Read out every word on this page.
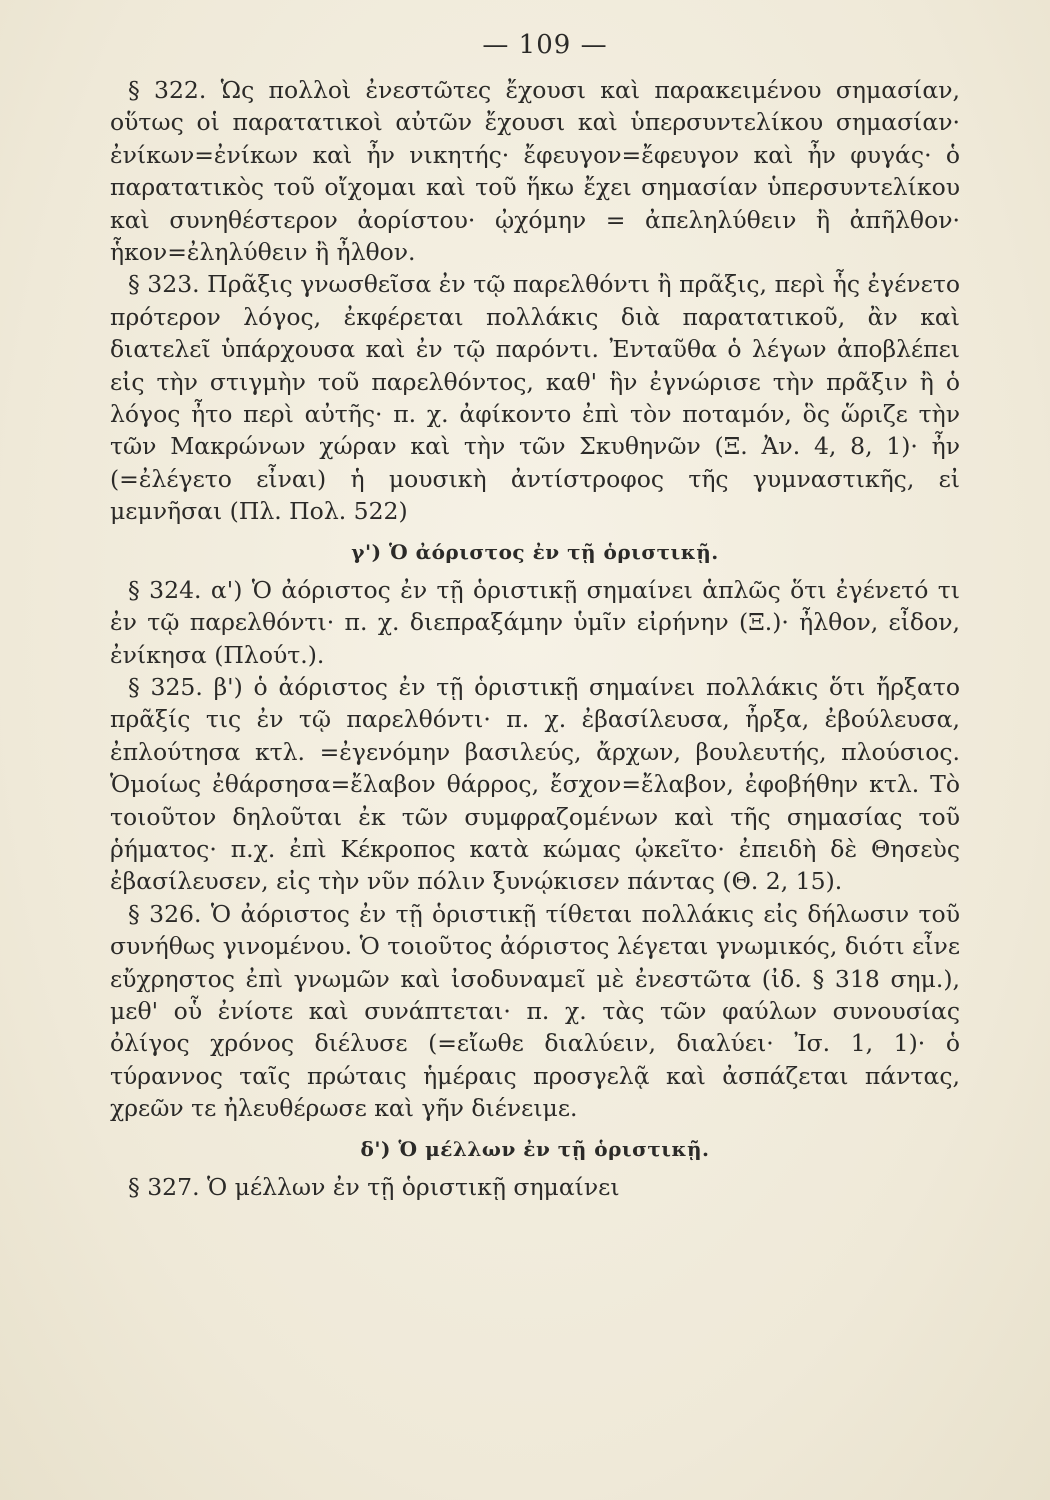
— 109 —

§ 322. Ὡς πολλοὶ ἐνεστῶτες ἔχουσι καὶ παρακειμένου σημασίαν, οὕτως οἱ παρατατικοὶ αὐτῶν ἔχουσι καὶ ὑπερσυντελίκου σημασίαν· ἐνίκων=ἐνίκων καὶ ἦν νικητής· ἔφευγον=ἔφευγον καὶ ἦν φυγάς· ὁ παρατατικὸς τοῦ οἴχομαι καὶ τοῦ ἥκω ἔχει σημασίαν ὑπερσυντελίκου καὶ συνηθέστερον ἀορίστου· ᾠχόμην = ἀπεληλύθειν ἢ ἀπῆλθον· ἧκον=ἐληλύθειν ἢ ἦλθον.

§ 323. Πρᾶξις γνωσθεῖσα ἐν τῷ παρελθόντι ἢ πρᾶξις, περὶ ἧς ἐγένετο πρότερον λόγος, ἐκφέρεται πολλάκις διὰ παρατατικοῦ, ἂν καὶ διατελεῖ ὑπάρχουσα καὶ ἐν τῷ παρόντι. Ἐνταῦθα ὁ λέγων ἀποβλέπει εἰς τὴν στιγμὴν τοῦ παρελθόντος, καθ' ἣν ἐγνώρισε τὴν πρᾶξιν ἢ ὁ λόγος ἦτο περὶ αὐτῆς· π. χ. ἀφίκοντο ἐπὶ τὸν ποταμόν, ὃς ὥριζε τὴν τῶν Μακρώνων χώραν καὶ τὴν τῶν Σκυθηνῶν (Ξ. Ἀν. 4, 8, 1)· ἦν (=ἐλέγετο εἶναι) ἡ μουσικὴ ἀντίστροφος τῆς γυμναστικῆς, εἰ μεμνῆσαι (Πλ. Πολ. 522)

γ') Ὁ ἀόριστος ἐν τῇ ὁριστικῇ.

§ 324. α') Ὁ ἀόριστος ἐν τῇ ὁριστικῇ σημαίνει ἁπλῶς ὅτι ἐγένετό τι ἐν τῷ παρελθόντι· π. χ. διεπραξάμην ὑμῖν εἰρήνην (Ξ.)· ἦλθον, εἶδον, ἐνίκησα (Πλούτ.).

§ 325. β') ὁ ἀόριστος ἐν τῇ ὁριστικῇ σημαίνει πολλάκις ὅτι ἤρξατο πρᾶξίς τις ἐν τῷ παρελθόντι· π. χ. ἐβασίλευσα, ἦρξα, ἐβούλευσα, ἐπλούτησα κτλ. =ἐγενόμην βασιλεύς, ἄρχων, βουλευτής, πλούσιος. Ὁμοίως ἐθάρσησα=ἔλαβον θάρρος, ἔσχον=ἔλαβον, ἐφοβήθην κτλ. Τὸ τοιοῦτον δηλοῦται ἐκ τῶν συμφραζομένων καὶ τῆς σημασίας τοῦ ῥήματος· π.χ. ἐπὶ Κέκροπος κατὰ κώμας ᾠκεῖτο· ἐπειδὴ δὲ Θησεὺς ἐβασίλευσεν, εἰς τὴν νῦν πόλιν ξυνῴκισεν πάντας (Θ. 2, 15).

§ 326. Ὁ ἀόριστος ἐν τῇ ὁριστικῇ τίθεται πολλάκις εἰς δήλωσιν τοῦ συνήθως γινομένου. Ὁ τοιοῦτος ἀόριστος λέγεται γνωμικός, διότι εἶνε εὔχρηστος ἐπὶ γνωμῶν καὶ ἰσοδυναμεῖ μὲ ἐνεστῶτα (ἰδ. § 318 σημ.), μεθ' οὗ ἐνίοτε καὶ συνάπτεται· π. χ. τὰς τῶν φαύλων συνουσίας ὀλίγος χρόνος διέλυσε (=εἴωθε διαλύειν, διαλύει· Ἰσ. 1, 1)· ὁ τύραννος ταῖς πρώταις ἡμέραις προσγελᾷ καὶ ἀσπάζεται πάντας, χρεῶν τε ἠλευθέρωσε καὶ γῆν διένειμε.

δ') Ὁ μέλλων ἐν τῇ ὁριστικῇ.

§ 327. Ὁ μέλλων ἐν τῇ ὁριστικῇ σημαίνει
